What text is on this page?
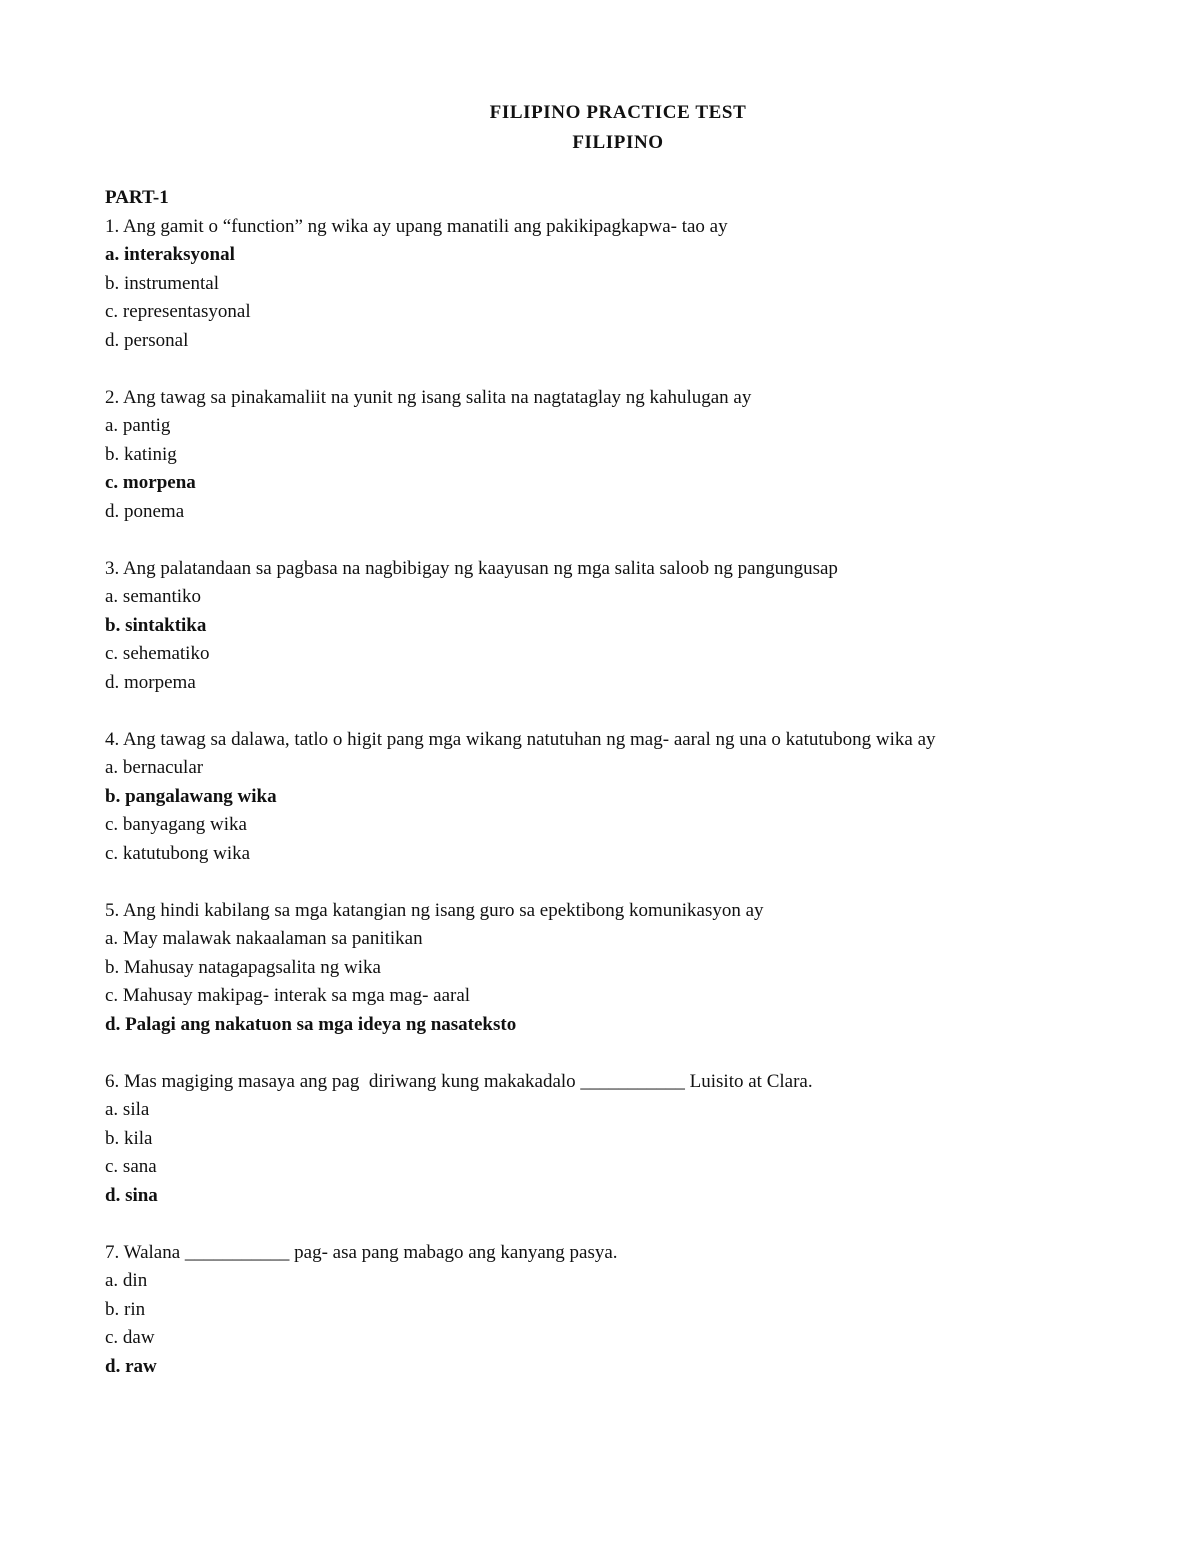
FILIPINO PRACTICE TEST
FILIPINO
PART-1
1. Ang gamit o “function” ng wika ay upang manatili ang pakikipagkapwa- tao ay
a. interaksyonal
b. instrumental
c. representasyonal
d. personal
2. Ang tawag sa pinakamaliit na yunit ng isang salita na nagtataglay ng kahulugan ay
a. pantig
b. katinig
c. morpena
d. ponema
3. Ang palatandaan sa pagbasa na nagbibigay ng kaayusan ng mga salita saloob ng pangungusap
a. semantiko
b. sintaktika
c. sehematiko
d. morpema
4. Ang tawag sa dalawa, tatlo o higit pang mga wikang natutuhan ng mag- aaral ng una o katutubong wika ay
a. bernacular
b. pangalawang wika
c. banyagang wika
c. katutubong wika
5. Ang hindi kabilang sa mga katangian ng isang guro sa epektibong komunikasyon ay
a. May malawak nakaalaman sa panitikan
b. Mahusay natagapagsalita ng wika
c. Mahusay makipag- interak sa mga mag- aaral
d. Palagi ang nakatuon sa mga ideya ng nasateksto
6. Mas magiging masaya ang pag  diriwang kung makakadalo ___________ Luisito at Clara.
a. sila
b. kila
c. sana
d. sina
7. Walana ___________ pag- asa pang mabago ang kanyang pasya.
a. din
b. rin
c. daw
d. raw
